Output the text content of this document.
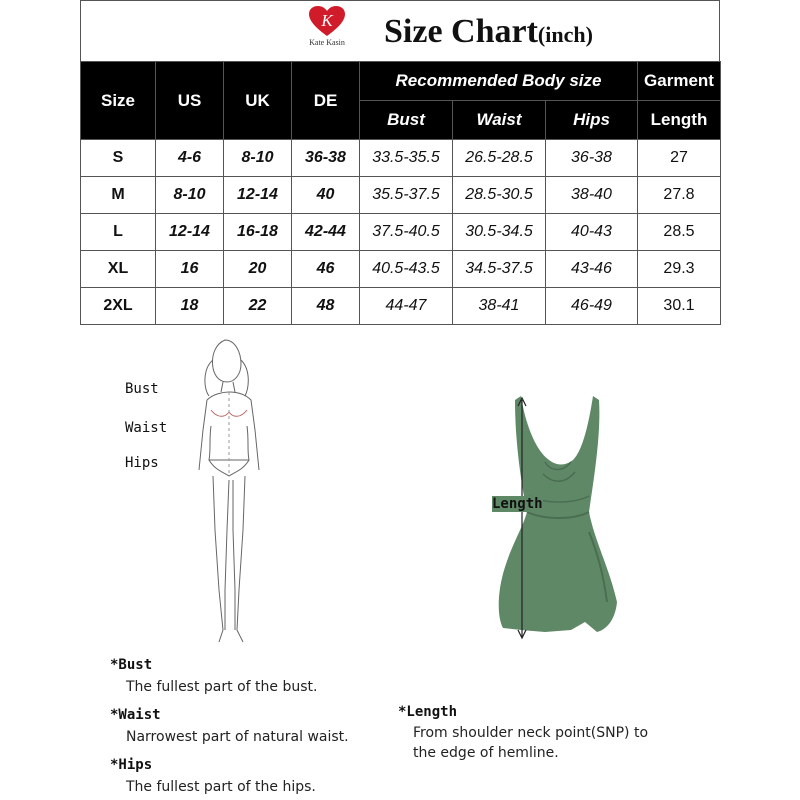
K
Kate Kasin Size Chart(inch)
Size	US	UK	DE	Recommended Body size			Garment
				Bust	Waist	Hips	Length
S	4-6	8-10	36-38	33.5-35.5	26.5-28.5	36-38	27
M	8-10	12-14	40	35.5-37.5	28.5-30.5	38-40	27.8
L	12-14	16-18	42-44	37.5-40.5	30.5-34.5	40-43	28.5
XL	16	20	46	40.5-43.5	34.5-37.5	43-46	29.3
2XL	18	22	48	44-47	38-41	46-49	30.1
Bust
Waist
Hips
Length
*Bust
The fullest part of the bust.
*Waist
Narrowest part of natural waist.
*Hips
The fullest part of the hips.
*Length
From shoulder neck point(SNP) to
the edge of hemline.
